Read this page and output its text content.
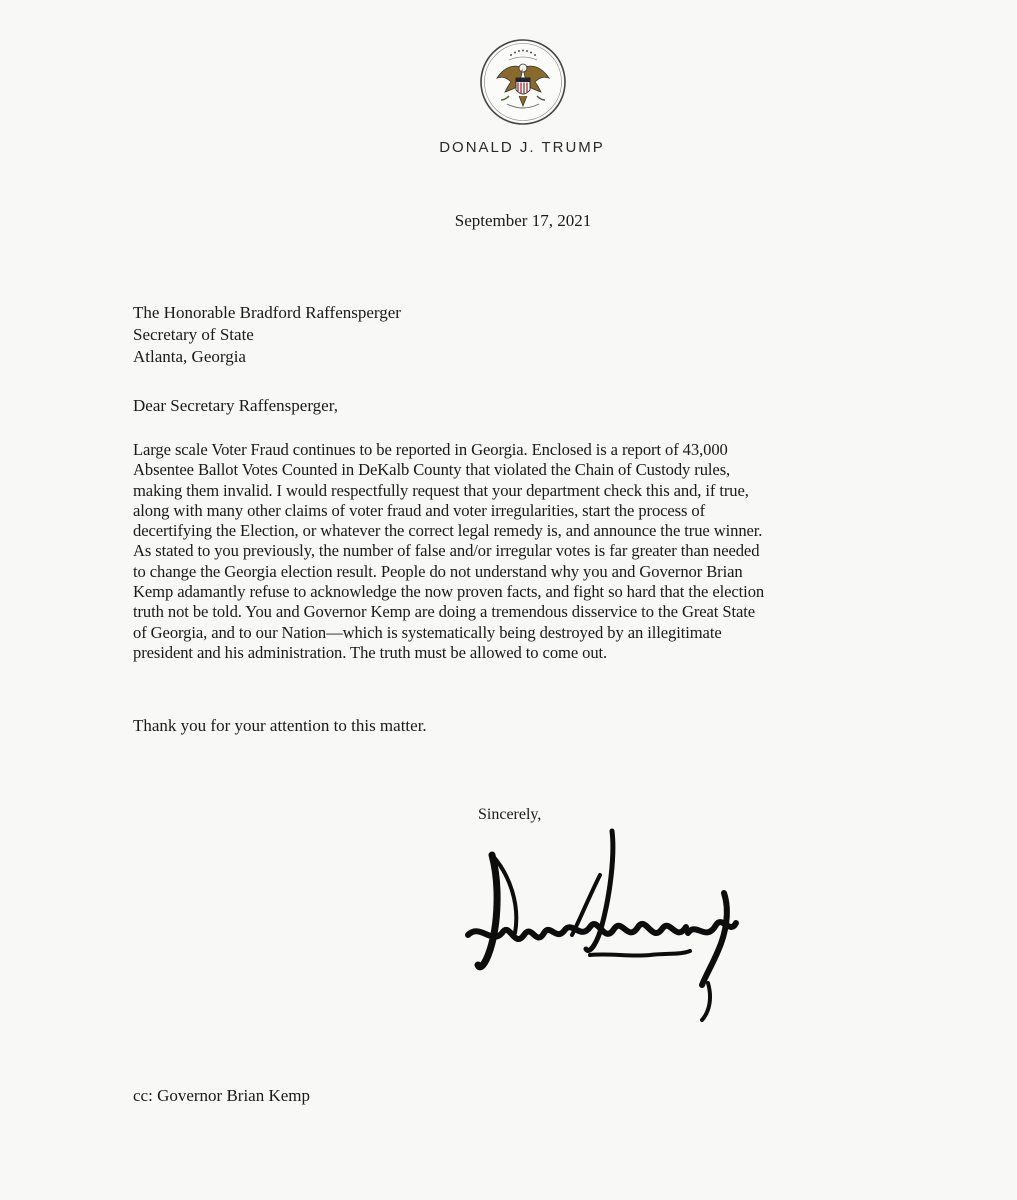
DONALD J. TRUMP
September 17, 2021
The Honorable Bradford Raffensperger
Secretary of State
Atlanta, Georgia
Dear Secretary Raffensperger,
Large scale Voter Fraud continues to be reported in Georgia. Enclosed is a report of 43,000
Absentee Ballot Votes Counted in DeKalb County that violated the Chain of Custody rules,
making them invalid. I would respectfully request that your department check this and, if true,
along with many other claims of voter fraud and voter irregularities, start the process of
decertifying the Election, or whatever the correct legal remedy is, and announce the true winner.
As stated to you previously, the number of false and/or irregular votes is far greater than needed
to change the Georgia election result. People do not understand why you and Governor Brian
Kemp adamantly refuse to acknowledge the now proven facts, and fight so hard that the election
truth not be told. You and Governor Kemp are doing a tremendous disservice to the Great State
of Georgia, and to our Nation—which is systematically being destroyed by an illegitimate
president and his administration. The truth must be allowed to come out.
Thank you for your attention to this matter.
Sincerely,
cc: Governor Brian Kemp
